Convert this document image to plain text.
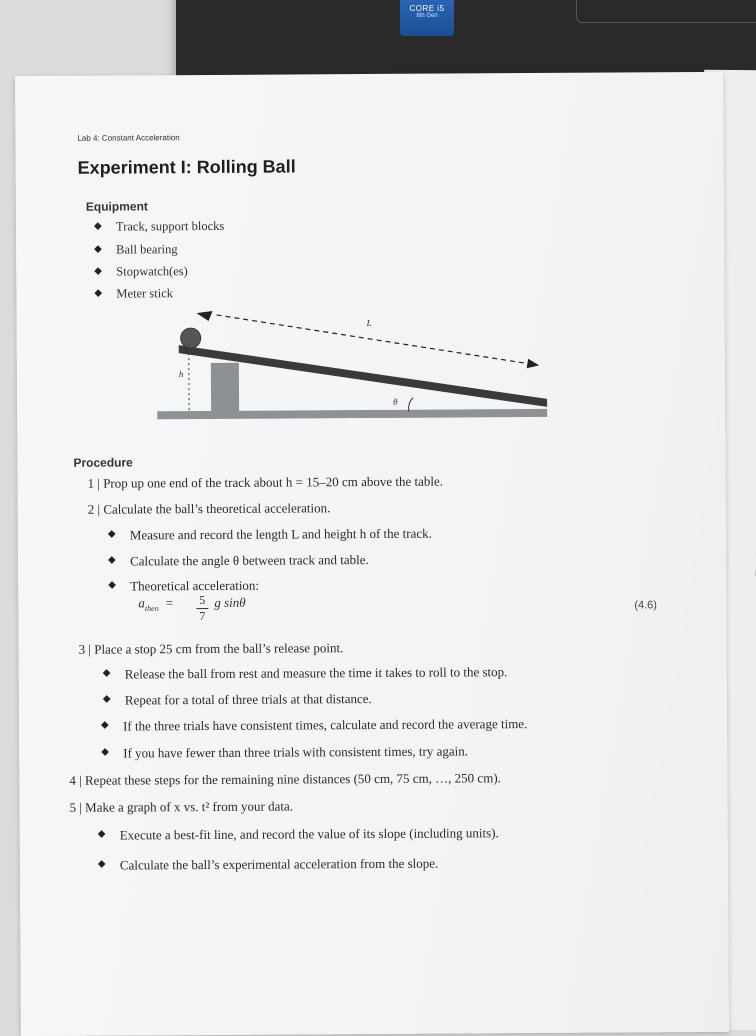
CORE i5
8th Gen
Lab 4: Constant Acceleration
Experiment I: Rolling Ball
Equipment
◆ Track, support blocks
◆ Ball bearing
◆ Stopwatch(es)
◆ Meter stick
L
h
θ
Procedure
1 | Prop up one end of the track about h = 15–20 cm above the table.
2 | Calculate the ball’s theoretical acceleration.
◆ Measure and record the length L and height h of the track.
◆ Calculate the angle θ between track and table.
◆ Theoretical acceleration:
$a_{theo} = \frac{5}{7}$ g sinθ	(4.6)
3 | Place a stop 25 cm from the ball’s release point.
◆ Release the ball from rest and measure the time it takes to roll to the stop.
◆ Repeat for a total of three trials at that distance.
◆ If the three trials have consistent times, calculate and record the average time.
◆ If you have fewer than three trials with consistent times, try again.
4 | Repeat these steps for the remaining nine distances (50 cm, 75 cm, …, 250 cm).
5 | Make a graph of x vs. t² from your data.
◆ Execute a best-fit line, and record the value of its slope (including units).
◆ Calculate the ball’s experimental acceleration from the slope.
